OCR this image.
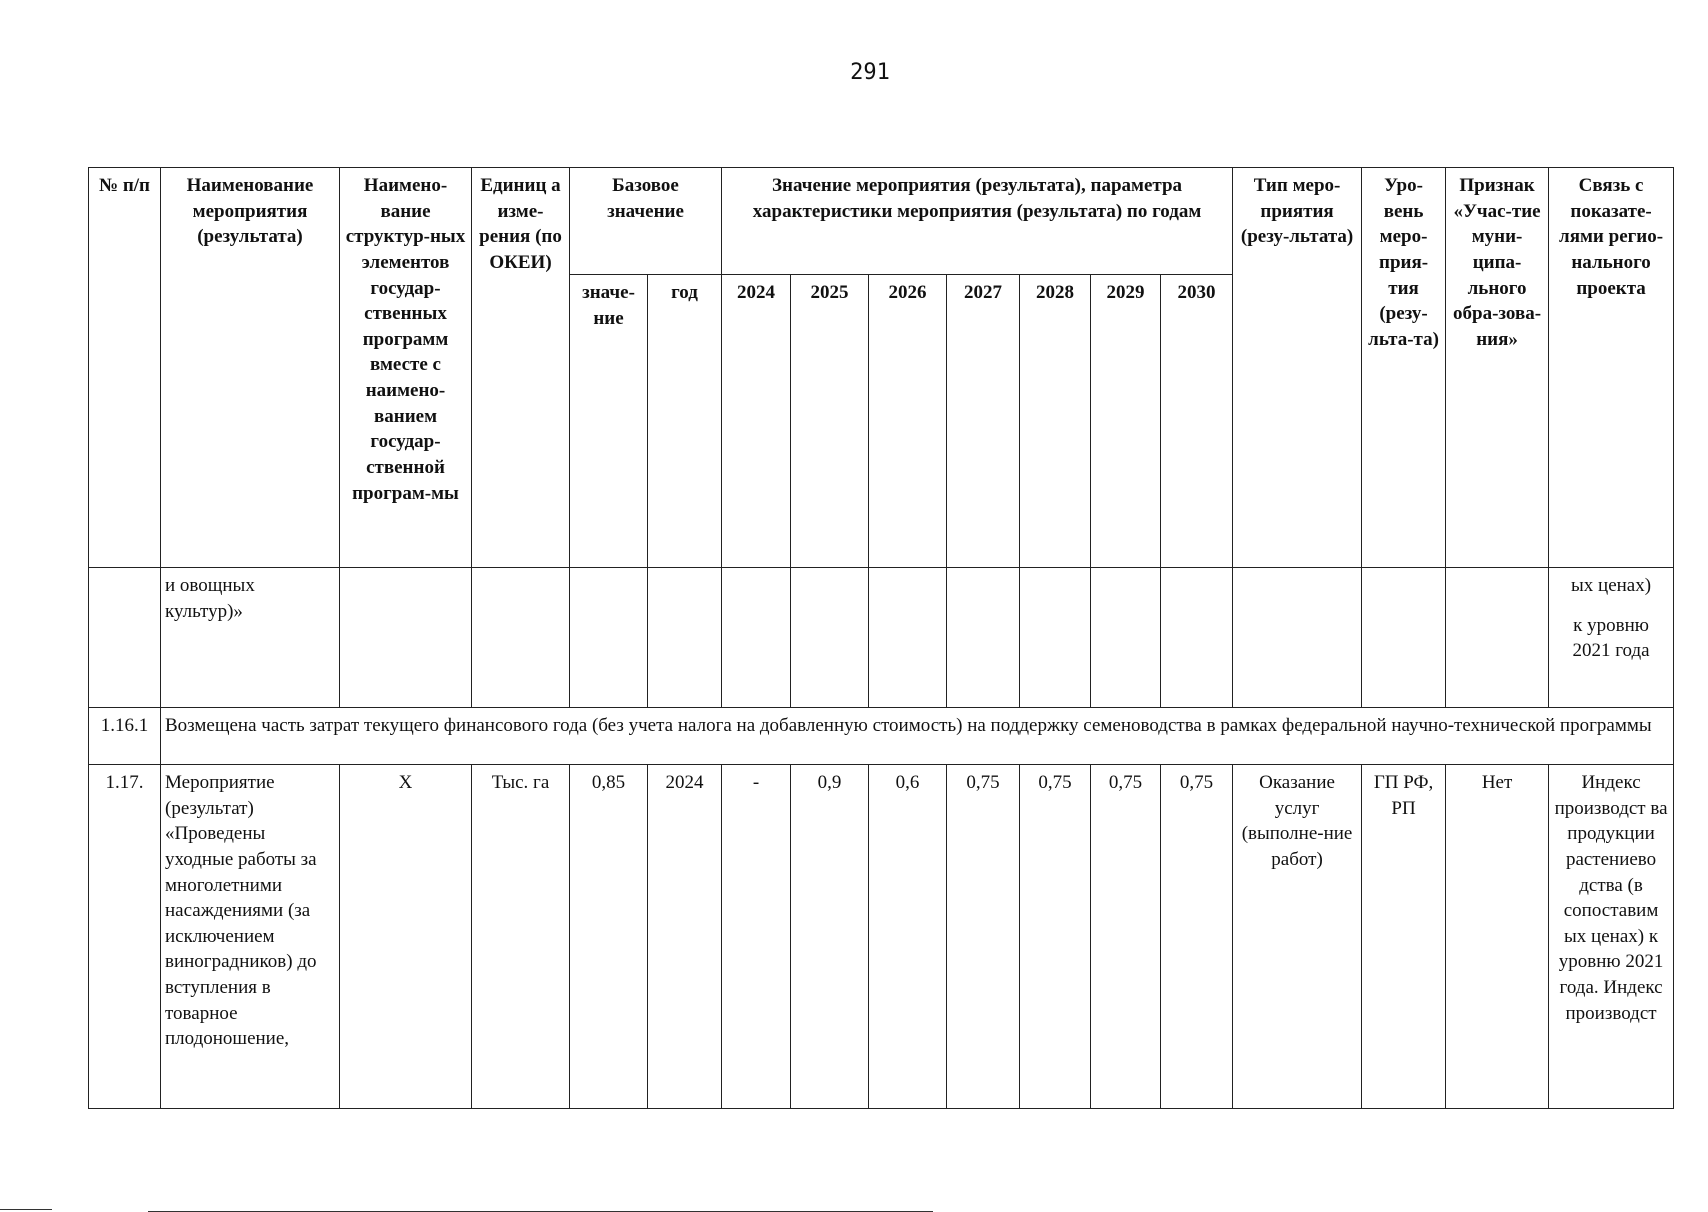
291
№ п/п	Наименование мероприятия (результата)	Наимено-вание структур-ных элементов государ-ственных программ вместе с наимено-ванием государ-ственной програм-мы	Единиц а изме-рения (по ОКЕИ)	Базовое значение		Значение мероприятия (результата), параметра характеристики мероприятия (результата) по годам							Тип меро-приятия (резу-льтата)	Уро-вень меро-прия-тия (резу-льта-та)	Признак «Учас-тие муни-ципа-льного обра-зова-ния»	Связь с показате-лями регио-нального проекта
				значе-ние	год	2024	2025	2026	2027	2028	2029	2030				
	и овощных культур)»															ых ценах)
к уровню 2021 года

1.16.1	Возмещена часть затрат текущего финансового года (без учета налога на добавленную стоимость) на поддержку семеноводства в рамках федеральной научно-технической программы															
1.17.	Мероприятие (результат) «Проведены уходные работы за многолетними насаждениями (за исключением виноградников) до вступления в товарное плодоношение,	Х	Тыс. га	0,85	2024	-	0,9	0,6	0,75	0,75	0,75	0,75	Оказание услуг (выполне-ние работ)	ГП РФ, РП	Нет	Индекс производст ва продукции растениево дства (в сопоставим ых ценах) к уровню 2021 года. Индекс производст
